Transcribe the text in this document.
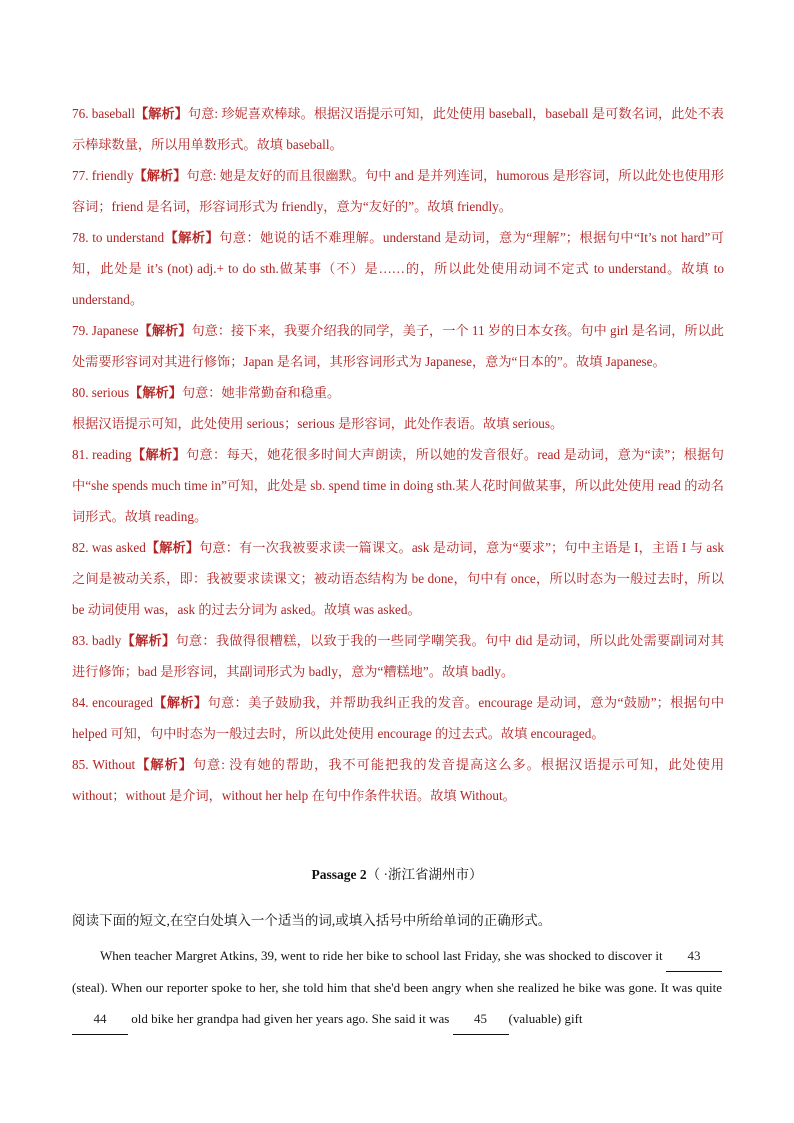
76. baseball【解析】句意: 珍妮喜欢棒球。根据汉语提示可知，此处使用 baseball，baseball 是可数名词，此处不表示棒球数量，所以用单数形式。故填 baseball。

77. friendly【解析】句意: 她是友好的而且很幽默。句中 and 是并列连词，humorous 是形容词，所以此处也使用形容词；friend 是名词，形容词形式为 friendly，意为“友好的”。故填 friendly。

78. to understand【解析】句意：她说的话不难理解。understand 是动词，意为“理解”；根据句中“It’s not hard”可知，此处是 it’s (not) adj.+ to do sth.做某事（不）是……的，所以此处使用动词不定式 to understand。故填 to understand。

79. Japanese【解析】句意：接下来，我要介绍我的同学，美子，一个 11 岁的日本女孩。句中 girl 是名词，所以此处需要形容词对其进行修饰；Japan 是名词，其形容词形式为 Japanese，意为“日本的”。故填 Japanese。

80. serious【解析】句意：她非常勤奋和稳重。

根据汉语提示可知，此处使用 serious；serious 是形容词，此处作表语。故填 serious。

81. reading【解析】句意：每天，她花很多时间大声朗读，所以她的发音很好。read 是动词，意为“读”；根据句中“she spends much time in”可知，此处是 sb. spend time in doing sth.某人花时间做某事，所以此处使用 read 的动名词形式。故填 reading。

82. was asked【解析】句意：有一次我被要求读一篇课文。ask 是动词，意为“要求”；句中主语是 I，主语 I 与 ask 之间是被动关系，即：我被要求读课文；被动语态结构为 be done，句中有 once，所以时态为一般过去时，所以 be 动词使用 was，ask 的过去分词为 asked。故填 was asked。

83. badly【解析】句意：我做得很糟糕，以致于我的一些同学嘲笑我。句中 did 是动词，所以此处需要副词对其进行修饰；bad 是形容词，其副词形式为 badly，意为“糟糕地”。故填 badly。

84. encouraged【解析】句意：美子鼓励我，并帮助我纠正我的发音。encourage 是动词，意为“鼓励”；根据句中 helped 可知，句中时态为一般过去时，所以此处使用 encourage 的过去式。故填 encouraged。

85. Without【解析】句意: 没有她的帮助，我不可能把我的发音提高这么多。根据汉语提示可知，此处使用 without；without 是介词，without her help 在句中作条件状语。故填 Without。

Passage 2（ ·浙江省湖州市）
阅读下面的短文,在空白处填入一个适当的词,或填入括号中所给单词的正确形式。
When teacher Margret Atkins, 39, went to ride her bike to school last Friday, she was shocked to discover it 43 (steal). When our reporter spoke to her, she told him that she'd been angry when she realized he bike was gone. It was quite 44 old bike her grandpa had given her years ago. She said it was 45 (valuable) gift
